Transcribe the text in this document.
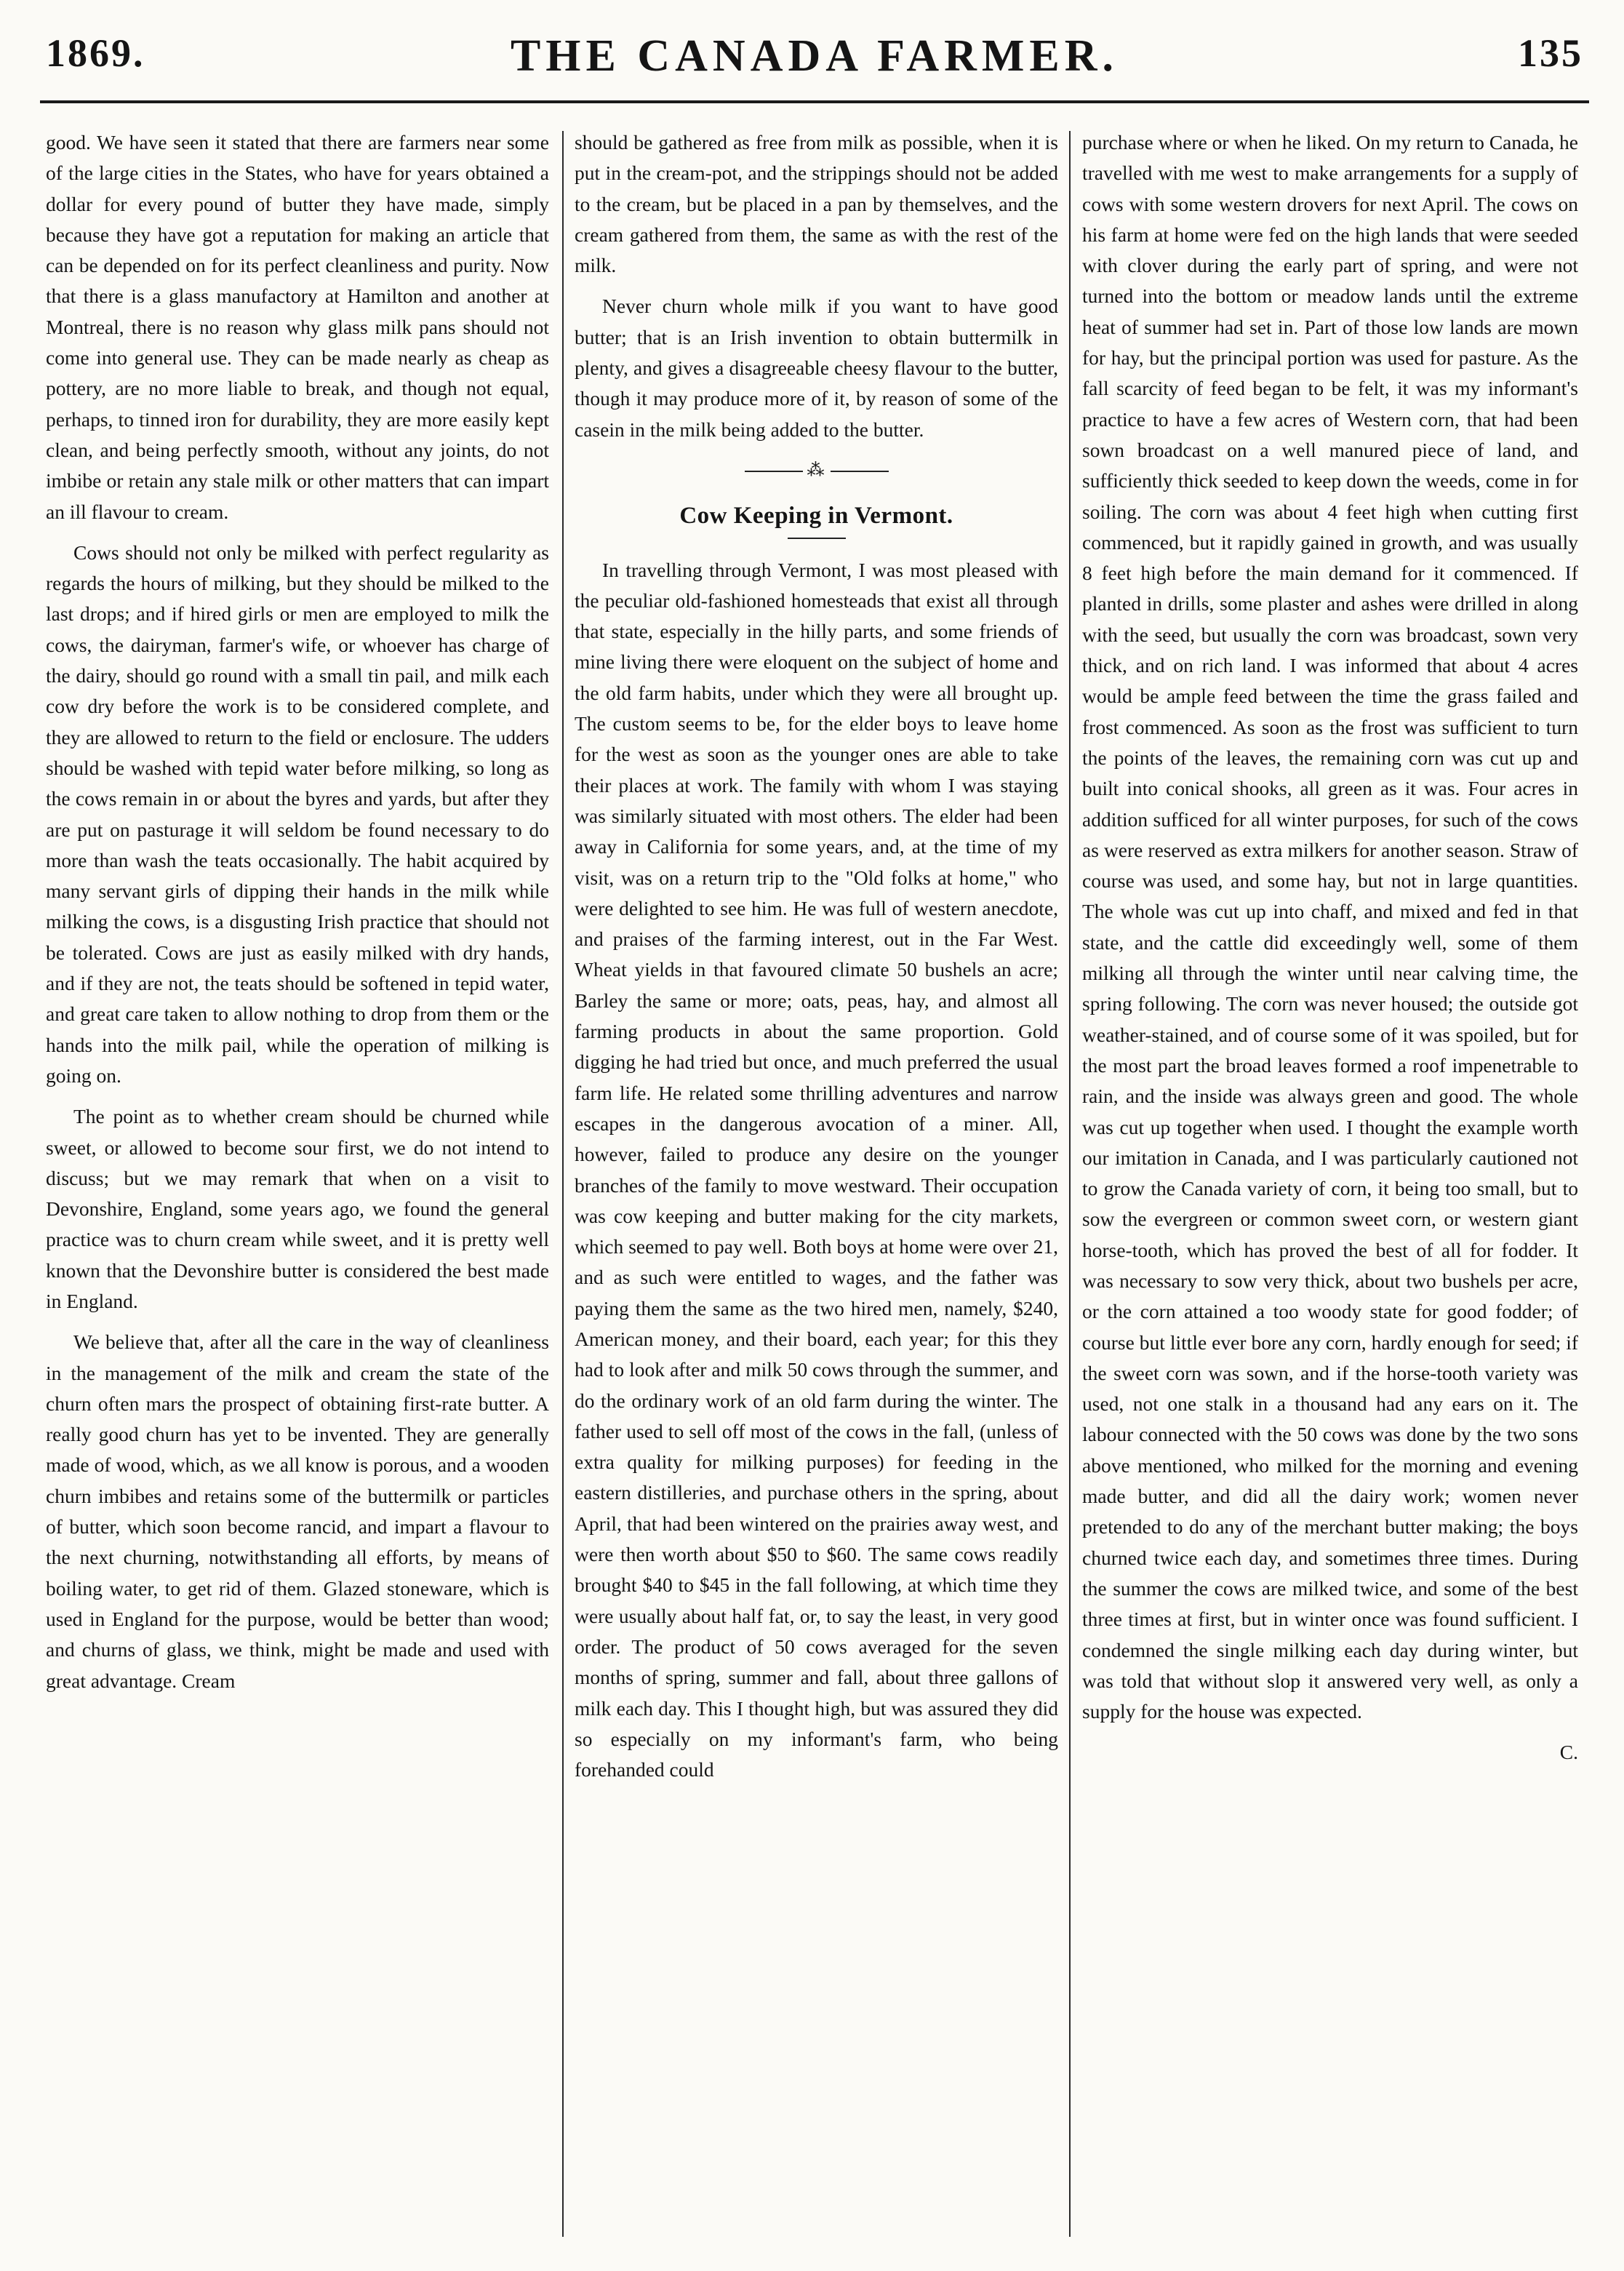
THE CANADA FARMER.
1869.	135

good. We have seen it stated that there are farmers near some of the large cities in the States, who have for years obtained a dollar for every pound of butter they have made, simply because they have got a reputation for making an article that can be depended on for its perfect cleanliness and purity. Now that there is a glass manufactory at Hamilton and another at Montreal, there is no reason why glass milk pans should not come into general use. They can be made nearly as cheap as pottery, are no more liable to break, and though not equal, perhaps, to tinned iron for durability, they are more easily kept clean, and being perfectly smooth, without any joints, do not imbibe or retain any stale milk or other matters that can impart an ill flavour to cream.

Cows should not only be milked with perfect regularity as regards the hours of milking, but they should be milked to the last drops; and if hired girls or men are employed to milk the cows, the dairyman, farmer's wife, or whoever has charge of the dairy, should go round with a small tin pail, and milk each cow dry before the work is to be considered complete, and they are allowed to return to the field or enclosure. The udders should be washed with tepid water before milking, so long as the cows remain in or about the byres and yards, but after they are put on pasturage it will seldom be found necessary to do more than wash the teats occasionally. The habit acquired by many servant girls of dipping their hands in the milk while milking the cows, is a disgusting Irish practice that should not be tolerated. Cows are just as easily milked with dry hands, and if they are not, the teats should be softened in tepid water, and great care taken to allow nothing to drop from them or the hands into the milk pail, while the operation of milking is going on.

The point as to whether cream should be churned while sweet, or allowed to become sour first, we do not intend to discuss; but we may remark that when on a visit to Devonshire, England, some years ago, we found the general practice was to churn cream while sweet, and it is pretty well known that the Devonshire butter is considered the best made in England.

We believe that, after all the care in the way of cleanliness in the management of the milk and cream the state of the churn often mars the prospect of obtaining first-rate butter. A really good churn has yet to be invented. They are generally made of wood, which, as we all know is porous, and a wooden churn imbibes and retains some of the buttermilk or particles of butter, which soon become rancid, and impart a flavour to the next churning, notwithstanding all efforts, by means of boiling water, to get rid of them. Glazed stoneware, which is used in England for the purpose, would be better than wood; and churns of glass, we think, might be made and used with great advantage. Cream

should be gathered as free from milk as possible, when it is put in the cream-pot, and the strippings should not be added to the cream, but be placed in a pan by themselves, and the cream gathered from them, the same as with the rest of the milk.

Never churn whole milk if you want to have good butter; that is an Irish invention to obtain buttermilk in plenty, and gives a disagreeable cheesy flavour to the butter, though it may produce more of it, by reason of some of the casein in the milk being added to the butter.

⁂
Cow Keeping in Vermont.

In travelling through Vermont, I was most pleased with the peculiar old-fashioned homesteads that exist all through that state, especially in the hilly parts, and some friends of mine living there were eloquent on the subject of home and the old farm habits, under which they were all brought up. The custom seems to be, for the elder boys to leave home for the west as soon as the younger ones are able to take their places at work. The family with whom I was staying was similarly situated with most others. The elder had been away in California for some years, and, at the time of my visit, was on a return trip to the "Old folks at home," who were delighted to see him. He was full of western anecdote, and praises of the farming interest, out in the Far West. Wheat yields in that favoured climate 50 bushels an acre; Barley the same or more; oats, peas, hay, and almost all farming products in about the same proportion. Gold digging he had tried but once, and much preferred the usual farm life. He related some thrilling adventures and narrow escapes in the dangerous avocation of a miner. All, however, failed to produce any desire on the younger branches of the family to move westward. Their occupation was cow keeping and butter making for the city markets, which seemed to pay well. Both boys at home were over 21, and as such were entitled to wages, and the father was paying them the same as the two hired men, namely, $240, American money, and their board, each year; for this they had to look after and milk 50 cows through the summer, and do the ordinary work of an old farm during the winter. The father used to sell off most of the cows in the fall, (unless of extra quality for milking purposes) for feeding in the eastern distilleries, and purchase others in the spring, about April, that had been wintered on the prairies away west, and were then worth about $50 to $60. The same cows readily brought $40 to $45 in the fall following, at which time they were usually about half fat, or, to say the least, in very good order. The product of 50 cows averaged for the seven months of spring, summer and fall, about three gallons of milk each day. This I thought high, but was assured they did so especially on my informant's farm, who being forehanded could

purchase where or when he liked. On my return to Canada, he travelled with me west to make arrangements for a supply of cows with some western drovers for next April. The cows on his farm at home were fed on the high lands that were seeded with clover during the early part of spring, and were not turned into the bottom or meadow lands until the extreme heat of summer had set in. Part of those low lands are mown for hay, but the principal portion was used for pasture. As the fall scarcity of feed began to be felt, it was my informant's practice to have a few acres of Western corn, that had been sown broadcast on a well manured piece of land, and sufficiently thick seeded to keep down the weeds, come in for soiling. The corn was about 4 feet high when cutting first commenced, but it rapidly gained in growth, and was usually 8 feet high before the main demand for it commenced. If planted in drills, some plaster and ashes were drilled in along with the seed, but usually the corn was broadcast, sown very thick, and on rich land. I was informed that about 4 acres would be ample feed between the time the grass failed and frost commenced. As soon as the frost was sufficient to turn the points of the leaves, the remaining corn was cut up and built into conical shooks, all green as it was. Four acres in addition sufficed for all winter purposes, for such of the cows as were reserved as extra milkers for another season. Straw of course was used, and some hay, but not in large quantities. The whole was cut up into chaff, and mixed and fed in that state, and the cattle did exceedingly well, some of them milking all through the winter until near calving time, the spring following. The corn was never housed; the outside got weather-stained, and of course some of it was spoiled, but for the most part the broad leaves formed a roof impenetrable to rain, and the inside was always green and good. The whole was cut up together when used. I thought the example worth our imitation in Canada, and I was particularly cautioned not to grow the Canada variety of corn, it being too small, but to sow the evergreen or common sweet corn, or western giant horse-tooth, which has proved the best of all for fodder. It was necessary to sow very thick, about two bushels per acre, or the corn attained a too woody state for good fodder; of course but little ever bore any corn, hardly enough for seed; if the sweet corn was sown, and if the horse-tooth variety was used, not one stalk in a thousand had any ears on it. The labour connected with the 50 cows was done by the two sons above mentioned, who milked for the morning and evening made butter, and did all the dairy work; women never pretended to do any of the merchant butter making; the boys churned twice each day, and sometimes three times. During the summer the cows are milked twice, and some of the best three times at first, but in winter once was found sufficient. I condemned the single milking each day during winter, but was told that without slop it answered very well, as only a supply for the house was expected.

C.
